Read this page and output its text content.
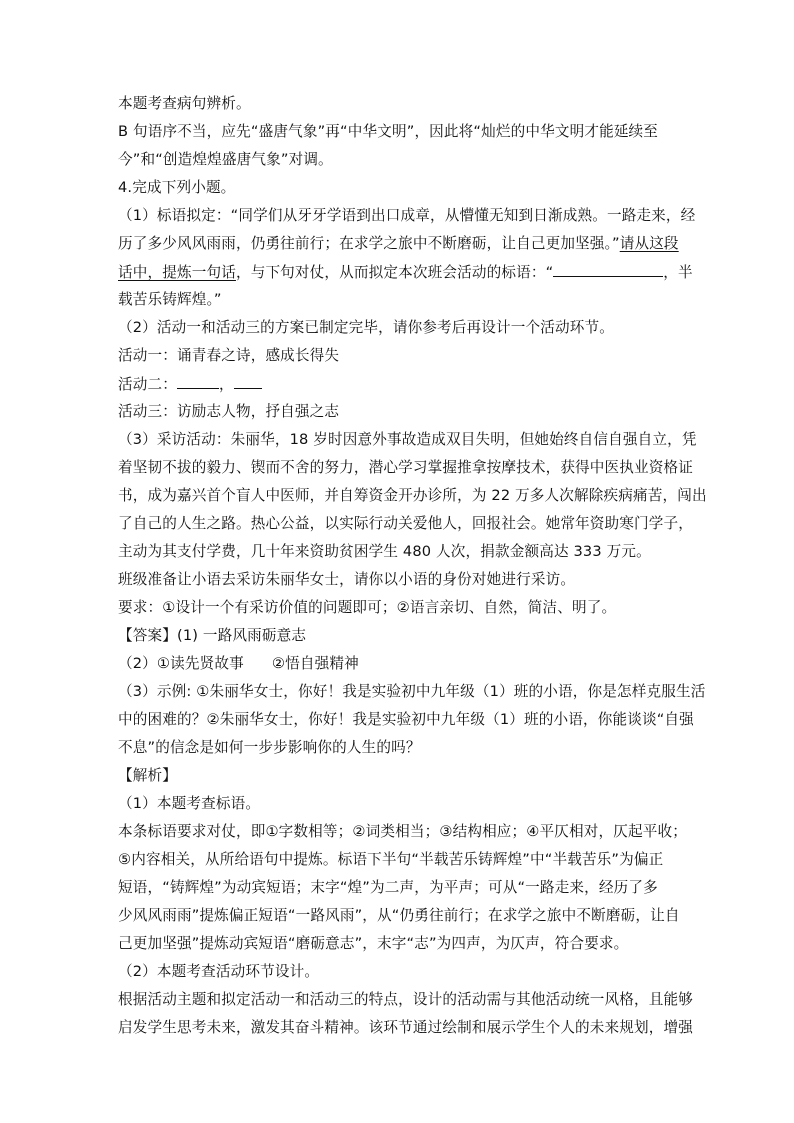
本题考查病句辨析。
B 句语序不当，应先“盛唐气象”再“中华文明”，因此将“灿烂的中华文明才能延续至
今”和“创造煌煌盛唐气象”对调。
4.完成下列小题。
（1）标语拟定：“同学们从牙牙学语到出口成章，从懵懂无知到日渐成熟。一路走来，经
历了多少风风雨雨，仍勇往前行；在求学之旅中不断磨砺，让自己更加坚强。”请从这段
话中，提炼一句话，与下句对仗，从而拟定本次班会活动的标语：“	，半
载苦乐铸辉煌。”
（2）活动一和活动三的方案已制定完毕，请你参考后再设计一个活动环节。
活动一：诵青春之诗，感成长得失
活动二：	，
活动三：访励志人物，抒自强之志
（3）采访活动：朱丽华，18 岁时因意外事故造成双目失明，但她始终自信自强自立，凭
着坚韧不拔的毅力、锲而不舍的努力，潜心学习掌握推拿按摩技术，获得中医执业资格证
书，成为嘉兴首个盲人中医师，并自筹资金开办诊所，为 22 万多人次解除疾病痛苦，闯出
了自己的人生之路。热心公益，以实际行动关爱他人，回报社会。她常年资助寒门学子，
主动为其支付学费，几十年来资助贫困学生 480 人次，捐款金额高达 333 万元。
班级准备让小语去采访朱丽华女士，请你以小语的身份对她进行采访。
要求：①设计一个有采访价值的问题即可；②语言亲切、自然，简洁、明了。
【答案】(1) 一路风雨砺意志
（2）①读先贤故事 ②悟自强精神
（3）示例: ①朱丽华女士，你好！我是实验初中九年级（1）班的小语，你是怎样克服生活
中的困难的？②朱丽华女士，你好！我是实验初中九年级（1）班的小语，你能谈谈“自强
不息”的信念是如何一步步影响你的人生的吗？
【解析】
（1）本题考查标语。
本条标语要求对仗，即①字数相等；②词类相当；③结构相应；④平仄相对，仄起平收；
⑤内容相关，从所给语句中提炼。标语下半句“半载苦乐铸辉煌”中“半载苦乐”为偏正
短语，“铸辉煌”为动宾短语；末字“煌”为二声，为平声；可从“一路走来，经历了多
少风风雨雨”提炼偏正短语“一路风雨”，从“仍勇往前行；在求学之旅中不断磨砺，让自
己更加坚强”提炼动宾短语“磨砺意志”，末字“志”为四声，为仄声，符合要求。
（2）本题考查活动环节设计。
根据活动主题和拟定活动一和活动三的特点，设计的活动需与其他活动统一风格，且能够
启发学生思考未来，激发其奋斗精神。该环节通过绘制和展示学生个人的未来规划，增强
